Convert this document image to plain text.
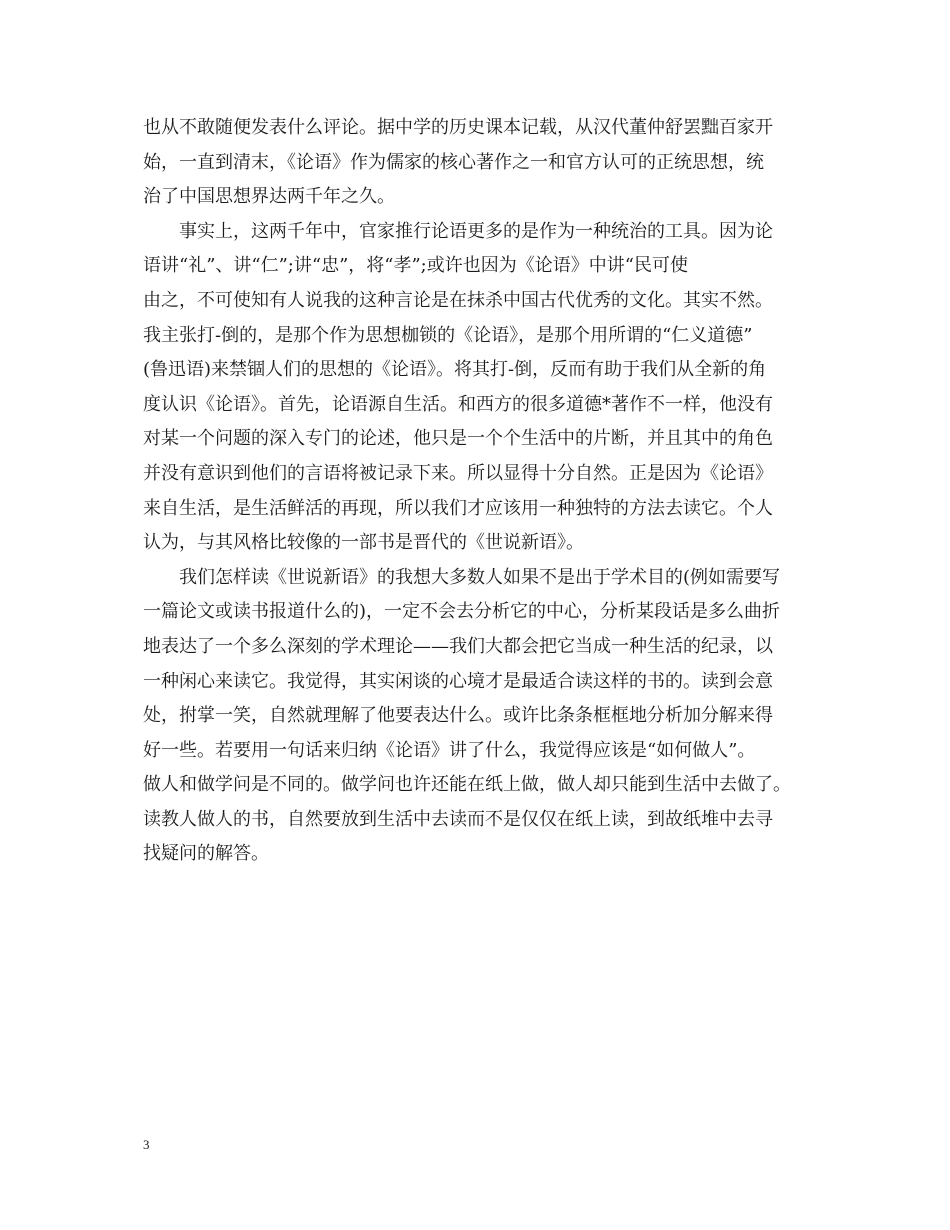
也从不敢随便发表什么评论。据中学的历史课本记载，从汉代董仲舒罢黜百家开
始，一直到清末，《论语》作为儒家的核心著作之一和官方认可的正统思想，统
治了中国思想界达两千年之久。
　　事实上，这两千年中，官家推行论语更多的是作为一种统治的工具。因为论
语讲“礼”、讲“仁”;讲“忠”，将“孝”;或许也因为《论语》中讲“民可使
由之，不可使知有人说我的这种言论是在抹杀中国古代优秀的文化。其实不然。
我主张打-倒的，是那个作为思想枷锁的《论语》，是那个用所谓的“仁义道德”
(鲁迅语)来禁锢人们的思想的《论语》。将其打-倒，反而有助于我们从全新的角
度认识《论语》。首先，论语源自生活。和西方的很多道德*著作不一样，他没有
对某一个问题的深入专门的论述，他只是一个个生活中的片断，并且其中的角色
并没有意识到他们的言语将被记录下来。所以显得十分自然。正是因为《论语》
来自生活，是生活鲜活的再现，所以我们才应该用一种独特的方法去读它。个人
认为，与其风格比较像的一部书是晋代的《世说新语》。
　　我们怎样读《世说新语》的我想大多数人如果不是出于学术目的(例如需要写
一篇论文或读书报道什么的)，一定不会去分析它的中心，分析某段话是多么曲折
地表达了一个多么深刻的学术理论——我们大都会把它当成一种生活的纪录，以
一种闲心来读它。我觉得，其实闲谈的心境才是最适合读这样的书的。读到会意
处，拊掌一笑，自然就理解了他要表达什么。或许比条条框框地分析加分解来得
好一些。若要用一句话来归纳《论语》讲了什么，我觉得应该是“如何做人”。
做人和做学问是不同的。做学问也许还能在纸上做，做人却只能到生活中去做了。
读教人做人的书，自然要放到生活中去读而不是仅仅在纸上读，到故纸堆中去寻
找疑问的解答。
3
